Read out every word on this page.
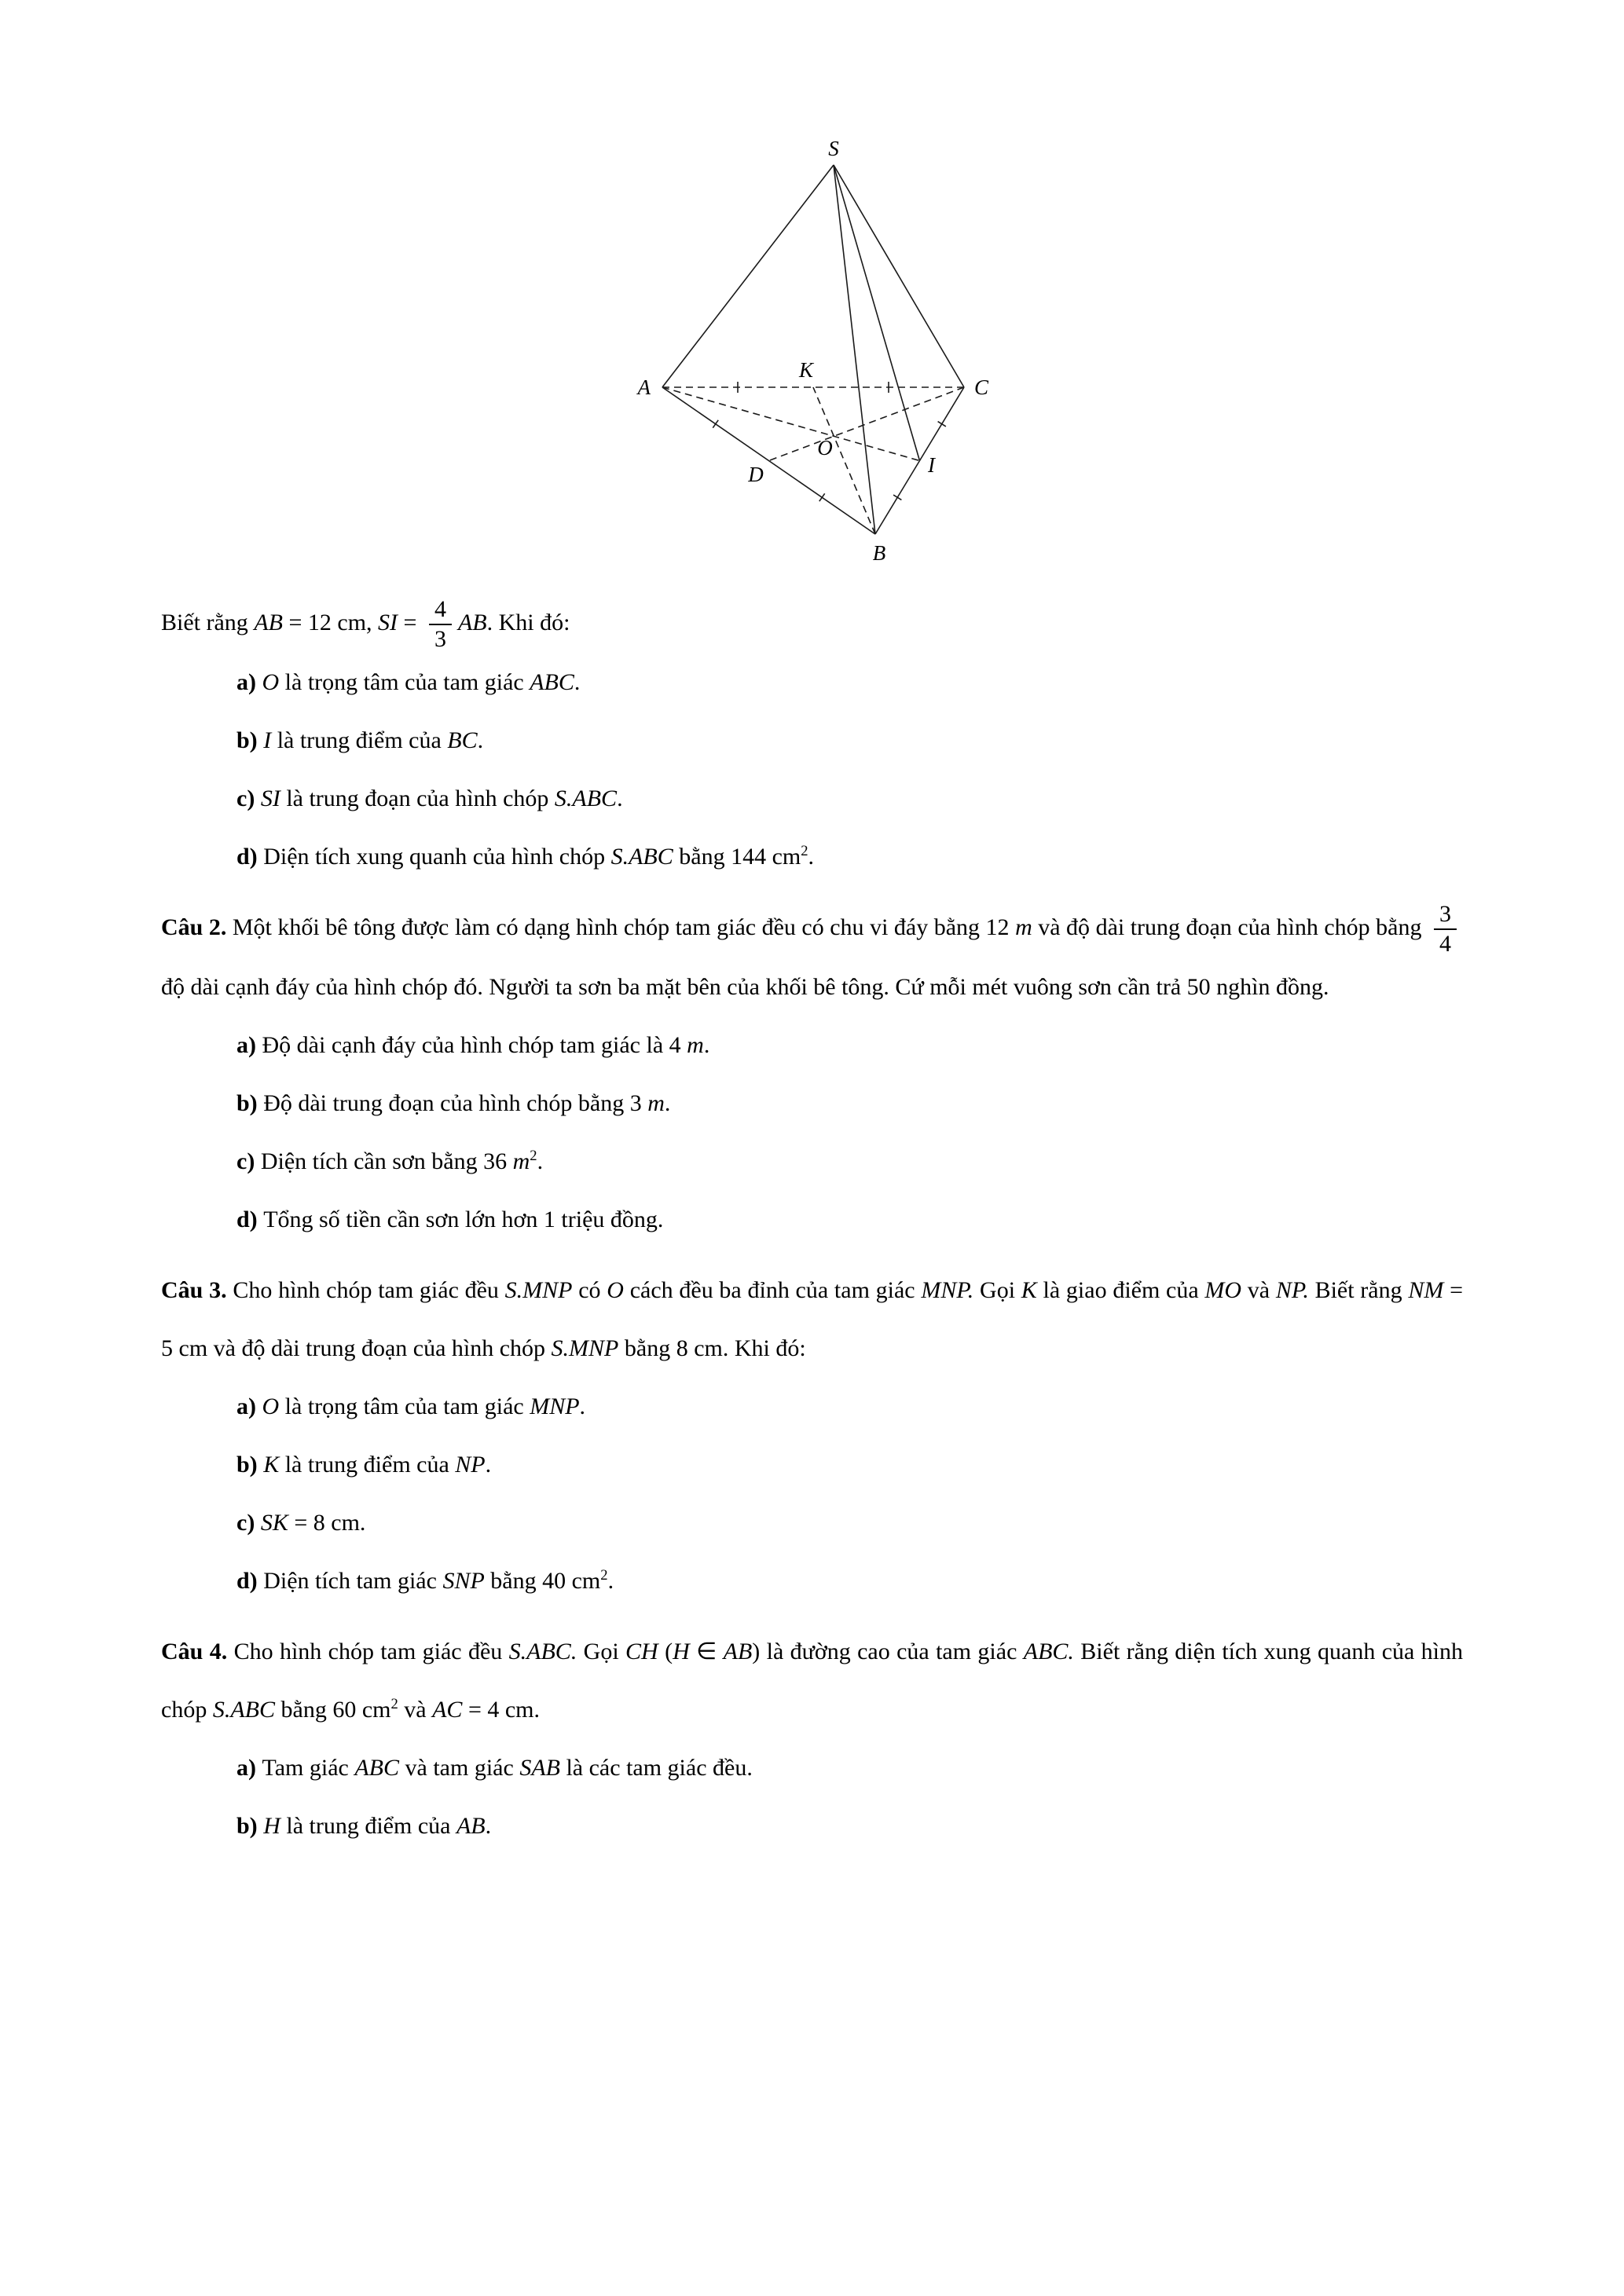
S
A	C
B
K
O
D	I

Biết rằng AB = 12 cm, SI = $\frac{4}{3}$ AB. Khi đó:

a) O là trọng tâm của tam giác ABC.

b) I là trung điểm của BC.

c) SI là trung đoạn của hình chóp S.ABC.

d) Diện tích xung quanh của hình chóp S.ABC bằng 144 $cm^2$.

Câu 2. Một khối bê tông được làm có dạng hình chóp tam giác đều có chu vi đáy bằng 12 m và độ dài trung đoạn của hình chóp bằng $\frac{3}{4}$
độ dài cạnh đáy của hình chóp đó. Người ta sơn ba mặt bên của khối bê tông. Cứ mỗi mét vuông sơn cần trả 50 nghìn đồng.

a) Độ dài cạnh đáy của hình chóp tam giác là 4 m.

b) Độ dài trung đoạn của hình chóp bằng 3 m.

c) Diện tích cần sơn bằng 36 $m^2$.

d) Tổng số tiền cần sơn lớn hơn 1 triệu đồng.

Câu 3. Cho hình chóp tam giác đều S.MNP có O cách đều ba đỉnh của tam giác MNP. Gọi K là giao điểm của MO và NP. Biết rằng NM = 5 cm và độ dài trung đoạn của hình chóp S.MNP bằng 8 cm. Khi đó:

a) O là trọng tâm của tam giác MNP.

b) K là trung điểm của NP.

c) SK = 8 cm.

d) Diện tích tam giác SNP bằng 40 $cm^2$.

Câu 4. Cho hình chóp tam giác đều S.ABC. Gọi CH (H ∈ AB) là đường cao của tam giác ABC. Biết rằng diện tích xung quanh của hình chóp S.ABC bằng 60 $cm^2$ và AC = 4 cm.

a) Tam giác ABC và tam giác SAB là các tam giác đều.

b) H là trung điểm của AB.
